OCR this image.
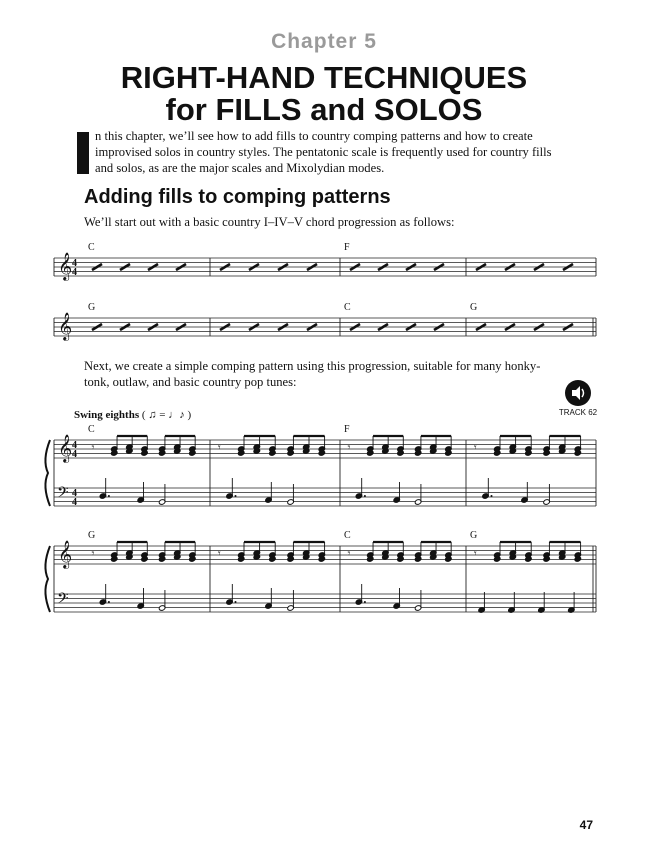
Chapter 5
RIGHT-HAND TECHNIQUES
for FILLS and SOLOS
n this chapter, we’ll see how to add fills to country comping patterns and how to create improvised solos in country styles. The pentatonic scale is frequently used for country fills and solos, as are the major scales and Mixolydian modes.
Adding fills to comping patterns
We’ll start out with a basic country I–IV–V chord progression as follows:
C	F
𝄞 4
4
G	C	G
𝄞
Next, we create a simple comping pattern using this progression, suitable for many honky-tonk, outlaw, and basic country pop tunes:
TRACK 62
Swing eighths ( ♫ = ♩♪ )
C	F
𝄞
𝄢
4
4
4
4
𝄾	𝄾	𝄾	𝄾
G	C	G
𝄞
𝄢
𝄾	𝄾	𝄾	𝄾
47
